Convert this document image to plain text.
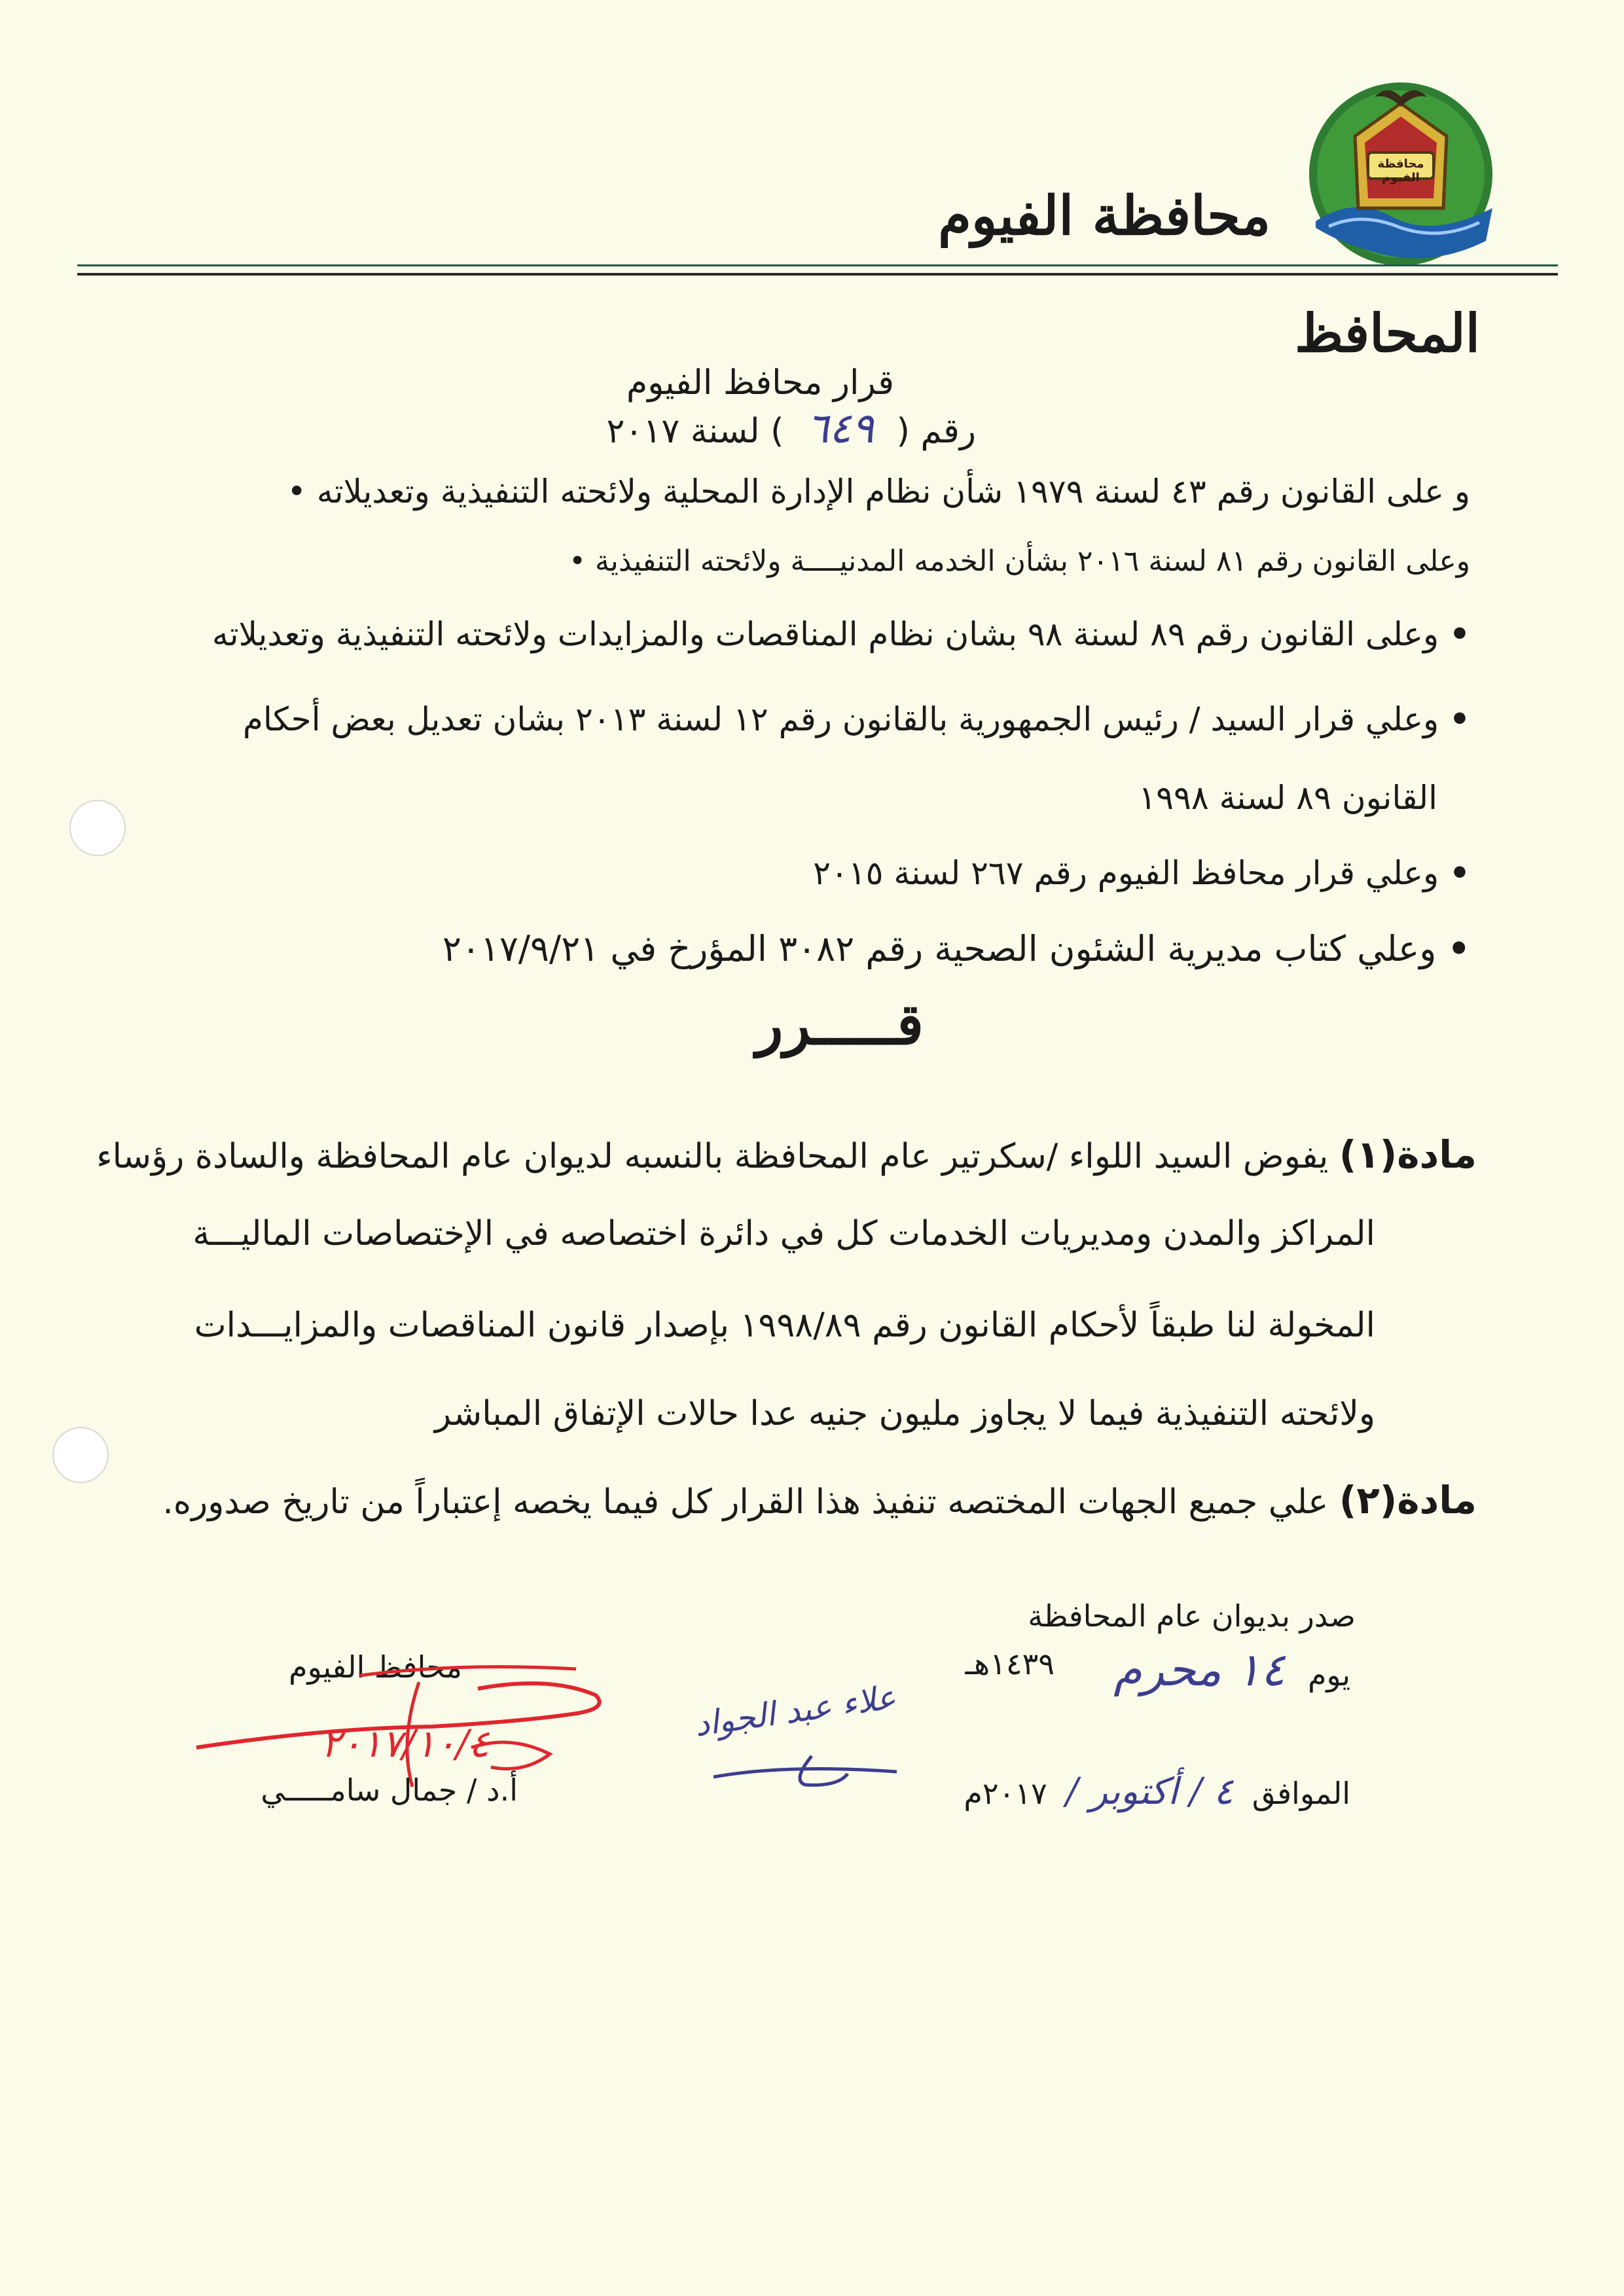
محافظة الفيوم
محافظة الفيوم
المحافظ
قرار محافظ الفيوم
رقم ( ٦٤٩ ) لسنة ٢٠١٧
و على القانون رقم ٤٣ لسنة ١٩٧٩ شأن نظام الإدارة المحلية ولائحته التنفيذية وتعديلاته •
وعلى القانون رقم ٨١ لسنة ٢٠١٦ بشأن الخدمه المدنيــــة ولائحته التنفيذية •
• وعلى القانون رقم ٨٩ لسنة ٩٨ بشان نظام المناقصات والمزايدات ولائحته التنفيذية وتعديلاته
• وعلي قرار السيد / رئيس الجمهورية بالقانون رقم ١٢ لسنة ٢٠١٣ بشان تعديل بعض أحكام
القانون ٨٩ لسنة ١٩٩٨
• وعلي قرار محافظ الفيوم رقم ٢٦٧ لسنة ٢٠١٥
• وعلي كتاب مديرية الشئون الصحية رقم ٣٠٨٢ المؤرخ في ٢٠١٧/٩/٢١
قـــــرر
مادة(١) يفوض السيد اللواء /سكرتير عام المحافظة بالنسبه لديوان عام المحافظة والسادة رؤساء
المراكز والمدن ومديريات الخدمات كل في دائرة اختصاصه في الإختصاصات الماليـــة
المخولة لنا طبقاً لأحكام القانون رقم ١٩٩٨/٨٩ بإصدار قانون المناقصات والمزايـــدات
ولائحته التنفيذية فيما لا يجاوز مليون جنيه عدا حالات الإتفاق المباشر
مادة(٢) علي جميع الجهات المختصه تنفيذ هذا القرار كل فيما يخصه إعتباراً من تاريخ صدوره.
صدر بديوان عام المحافظة
يوم ١٤ محرم
١٤٣٩هـ
الموافق ٤ / أكتوبر / ٢٠١٧م
محافظ الفيوم
٢٠١٧/١٠/٤
أ.د / جمال سامـــــي
علاء عبد الجواد
